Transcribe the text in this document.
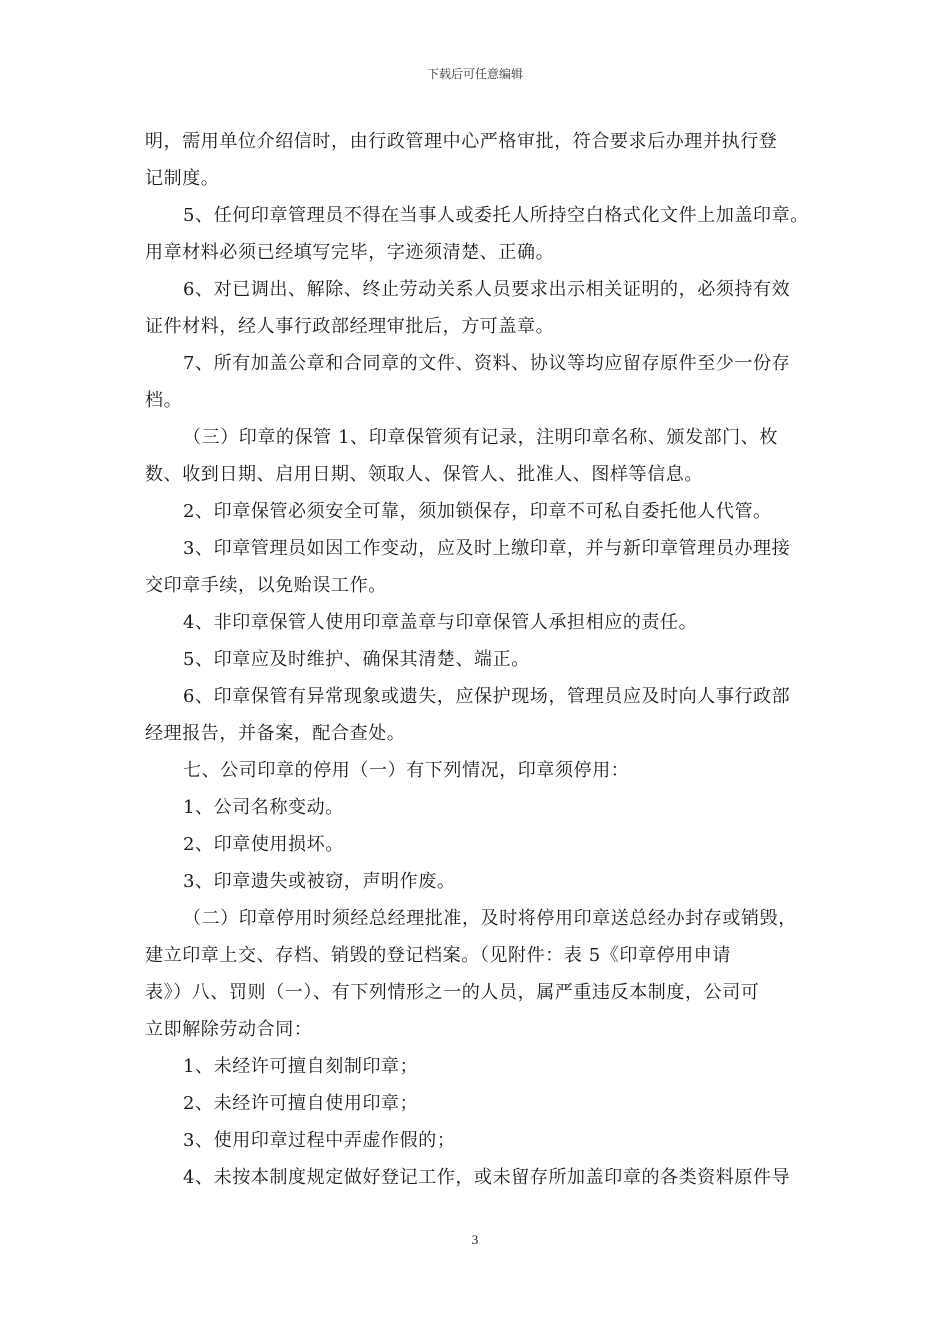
下载后可任意编辑
明，需用单位介绍信时，由行政管理中心严格审批，符合要求后办理并执行登
记制度。
5、任何印章管理员不得在当事人或委托人所持空白格式化文件上加盖印章。
用章材料必须已经填写完毕，字迹须清楚、正确。
6、对已调出、解除、终止劳动关系人员要求出示相关证明的，必须持有效
证件材料，经人事行政部经理审批后，方可盖章。
7、所有加盖公章和合同章的文件、资料、协议等均应留存原件至少一份存
档。
（三）印章的保管 1、印章保管须有记录，注明印章名称、颁发部门、枚
数、收到日期、启用日期、领取人、保管人、批准人、图样等信息。
2、印章保管必须安全可靠，须加锁保存，印章不可私自委托他人代管。
3、印章管理员如因工作变动，应及时上缴印章，并与新印章管理员办理接
交印章手续，以免贻误工作。
4、非印章保管人使用印章盖章与印章保管人承担相应的责任。
5、印章应及时维护、确保其清楚、端正。
6、印章保管有异常现象或遗失，应保护现场，管理员应及时向人事行政部
经理报告，并备案，配合查处。
七、公司印章的停用（一）有下列情况，印章须停用：
1、公司名称变动。
2、印章使用损坏。
3、印章遗失或被窃，声明作废。
（二）印章停用时须经总经理批准，及时将停用印章送总经办封存或销毁，
建立印章上交、存档、销毁的登记档案。（见附件：表 5《印章停用申请
表》）八、罚则（一）、有下列情形之一的人员，属严重违反本制度，公司可
立即解除劳动合同：
1、未经许可擅自刻制印章；
2、未经许可擅自使用印章；
3、使用印章过程中弄虚作假的；
4、未按本制度规定做好登记工作，或未留存所加盖印章的各类资料原件导
3
